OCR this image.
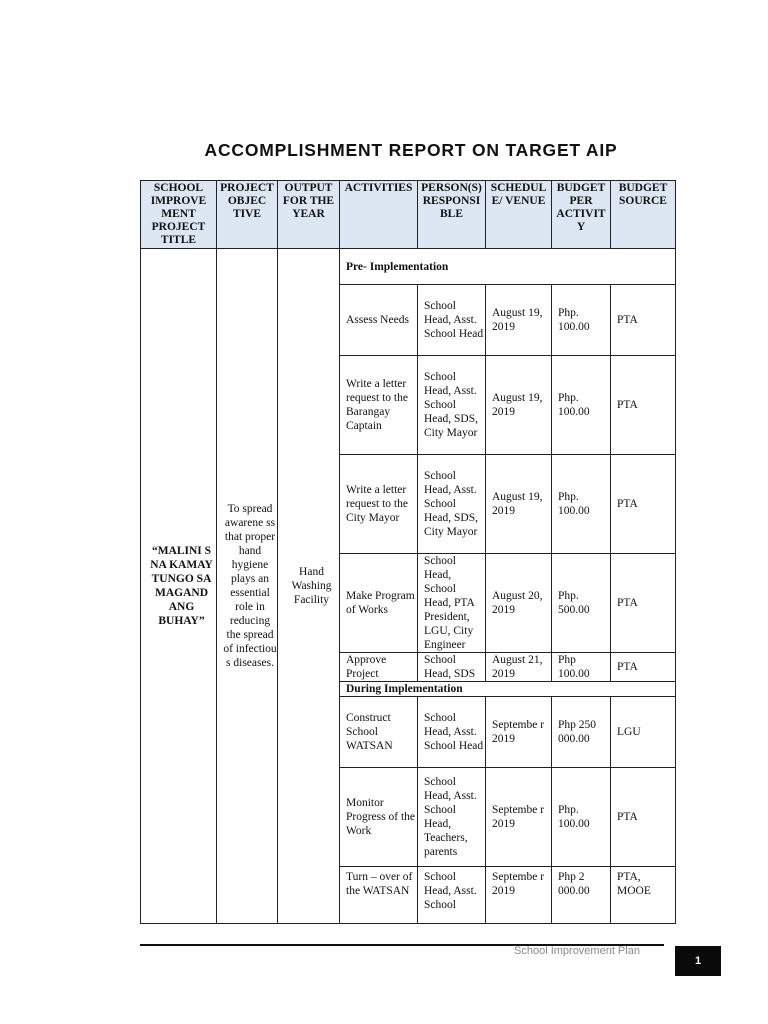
ACCOMPLISHMENT REPORT ON TARGET AIP
SCHOOL IMPROVE MENT PROJECT TITLE	PROJECT OBJEC TIVE	OUTPUT FOR THE YEAR	ACTIVITIES	PERSON(S) RESPONSI BLE	SCHEDUL E/ VENUE	BUDGET PER ACTIVIT Y	BUDGET SOURCE
“MALINI S NA KAMAY TUNGO SA MAGAND ANG BUHAY”	To spread awarene ss that proper hand hygiene plays an essential role in reducing the spread of infectiou s diseases.	Hand Washing Facility	Pre- Implementation				
			Assess Needs	School Head, Asst. School Head	August 19, 2019	Php. 100.00	PTA
			Write a letter request to the Barangay Captain	School Head, Asst. School Head, SDS, City Mayor	August 19, 2019	Php. 100.00	PTA
			Write a letter request to the City Mayor	School Head, Asst. School Head, SDS, City Mayor	August 19, 2019	Php. 100.00	PTA
			Make Program of Works	School Head, School Head, PTA President, LGU, City Engineer	August 20, 2019	Php. 500.00	PTA
			Approve Project	School Head, SDS	August 21, 2019	Php 100.00	PTA
			During Implementation				
			Construct School WATSAN	School Head, Asst. School Head	Septembe r 2019	Php 250 000.00	LGU
			Monitor Progress of the Work	School Head, Asst. School Head, Teachers, parents	Septembe r 2019	Php. 100.00	PTA
			Turn – over of the WATSAN	School Head, Asst. School	Septembe r 2019	Php 2 000.00	PTA, MOOE
School Improvement Plan
1
